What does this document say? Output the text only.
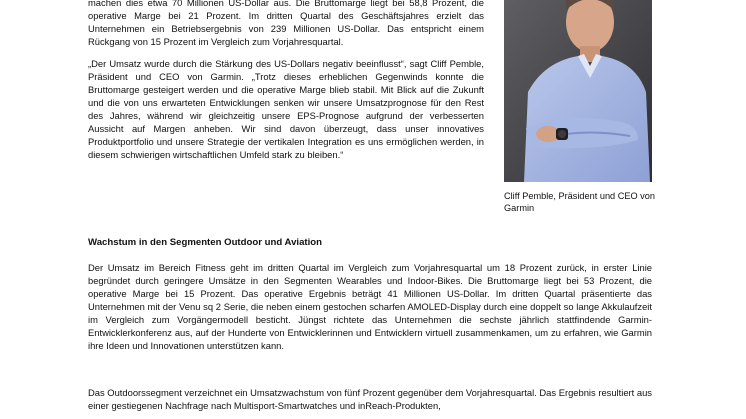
machen dies etwa 70 Millionen US-Dollar aus. Die Bruttomarge liegt bei 58,8 Prozent, die operative Marge bei 21 Prozent. Im dritten Quartal des Geschäftsjahres erzielt das Unternehmen ein Betriebsergebnis von 239 Millionen US-Dollar. Das entspricht einem Rückgang von 15 Prozent im Vergleich zum Vorjahresquartal.

„Der Umsatz wurde durch die Stärkung des US-Dollars negativ beeinflusst“, sagt Cliff Pemble, Präsident und CEO von Garmin. „Trotz dieses erheblichen Gegenwinds konnte die Bruttomarge gesteigert werden und die operative Marge blieb stabil. Mit Blick auf die Zukunft und die von uns erwarteten Entwicklungen senken wir unsere Umsatzprognose für den Rest des Jahres, während wir gleichzeitig unsere EPS-Prognose aufgrund der verbesserten Aussicht auf Margen anheben. Wir sind davon überzeugt, dass unser innovatives Produktportfolio und unsere Strategie der vertikalen Integration es uns ermöglichen werden, in diesem schwierigen wirtschaftlichen Umfeld stark zu bleiben.“

Cliff Pemble, Präsident und CEO von Garmin

Wachstum in den Segmenten Outdoor und Aviation

Der Umsatz im Bereich Fitness geht im dritten Quartal im Vergleich zum Vorjahresquartal um 18 Prozent zurück, in erster Linie begründet durch geringere Umsätze in den Segmenten Wearables und Indoor-Bikes. Die Bruttomarge liegt bei 53 Prozent, die operative Marge bei 15 Prozent. Das operative Ergebnis beträgt 41 Millionen US-Dollar. Im dritten Quartal präsentierte das Unternehmen mit der Venu sq 2 Serie, die neben einem gestochen scharfen AMOLED-Display durch eine doppelt so lange Akkulaufzeit im Vergleich zum Vorgängermodell besticht. Jüngst richtete das Unternehmen die sechste jährlich stattfindende Garmin-Entwicklerkonferenz aus, auf der Hunderte von Entwicklerinnen und Entwicklern virtuell zusammenkamen, um zu erfahren, wie Garmin ihre Ideen und Innovationen unterstützen kann.

Das Outdoorssegment verzeichnet ein Umsatzwachstum von fünf Prozent gegenüber dem Vorjahresquartal. Das Ergebnis resultiert aus einer gestiegenen Nachfrage nach Multisport-Smartwatches und inReach-Produkten,
